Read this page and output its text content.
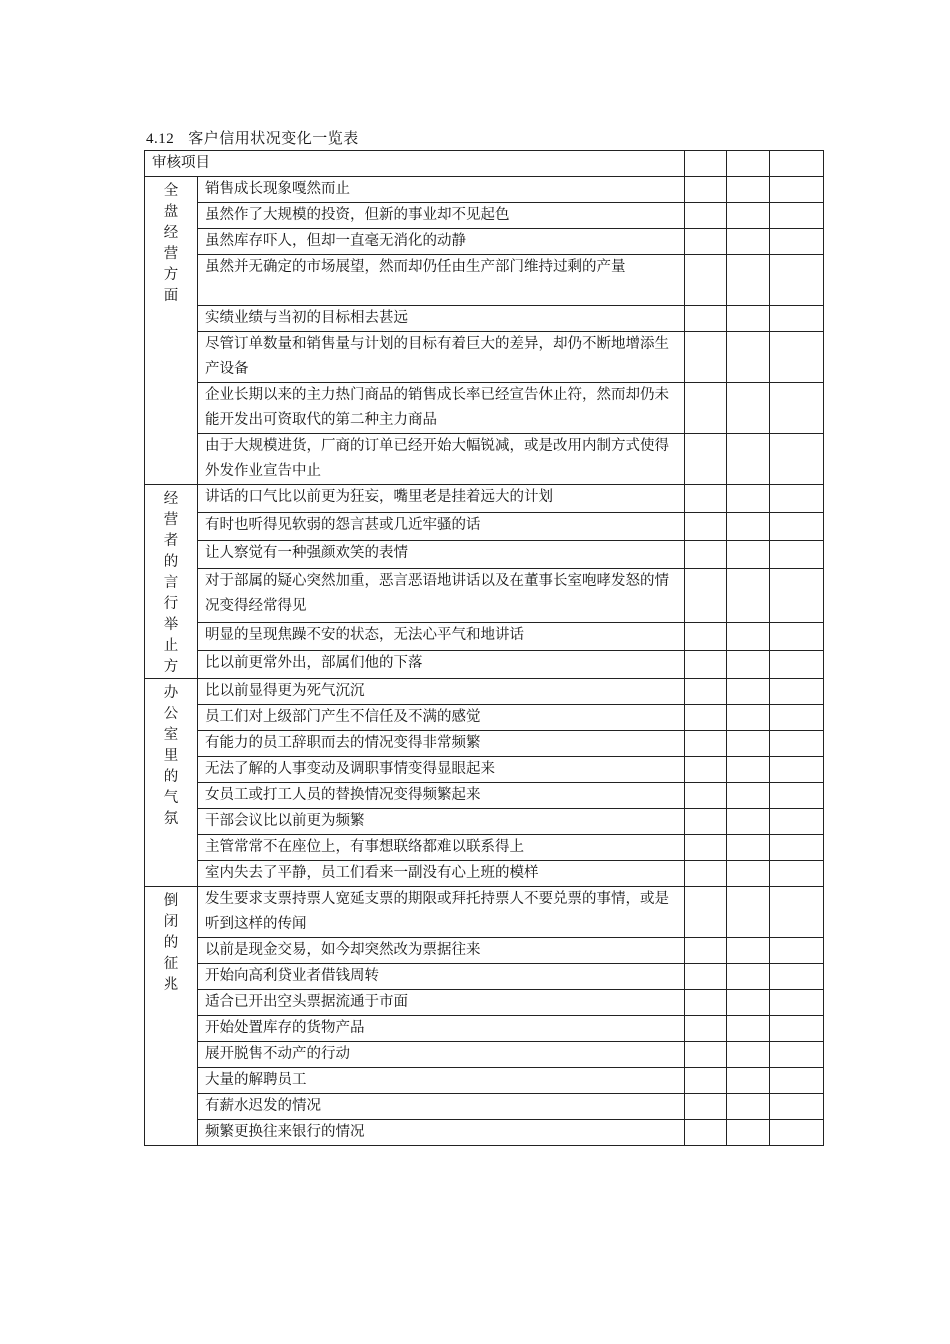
4.12 客户信用状况变化一览表
审核项目				

全盘经营方面	销售成长现象嘎然而止			
	虽然作了大规模的投资，但新的事业却不见起色			
	虽然库存吓人，但却一直毫无消化的动静			
	虽然并无确定的市场展望，然而却仍任由生产部门维持过剩的产量			
	实绩业绩与当初的目标相去甚远			
	尽管订单数量和销售量与计划的目标有着巨大的差异，却仍不断地增添生产设备			
	企业长期以来的主力热门商品的销售成长率已经宣告休止符，然而却仍未能开发出可资取代的第二种主力商品			
	由于大规模进货，厂商的订单已经开始大幅锐减，或是改用内制方式使得外发作业宣告中止			

经营者的言行举止方	讲话的口气比以前更为狂妄，嘴里老是挂着远大的计划			
	有时也听得见软弱的怨言甚或几近牢骚的话			
	让人察觉有一种强颜欢笑的表情			
	对于部属的疑心突然加重，恶言恶语地讲话以及在董事长室咆哮发怒的情况变得经常得见			
	明显的呈现焦躁不安的状态，无法心平气和地讲话			
	比以前更常外出，部属们他的下落			

办公室里的气氛	比以前显得更为死气沉沉			
	员工们对上级部门产生不信任及不满的感觉			
	有能力的员工辞职而去的情况变得非常频繁			
	无法了解的人事变动及调职事情变得显眼起来			
	女员工或打工人员的替换情况变得频繁起来			
	干部会议比以前更为频繁			
	主管常常不在座位上，有事想联络都难以联系得上			
	室内失去了平静，员工们看来一副没有心上班的模样			

倒闭的征兆	发生要求支票持票人宽延支票的期限或拜托持票人不要兑票的事情，或是听到这样的传闻			
	以前是现金交易，如今却突然改为票据往来			
	开始向高利贷业者借钱周转			
	适合已开出空头票据流通于市面			
	开始处置库存的货物产品			
	展开脱售不动产的行动			
	大量的解聘员工			
	有薪水迟发的情况			
	频繁更换往来银行的情况			
